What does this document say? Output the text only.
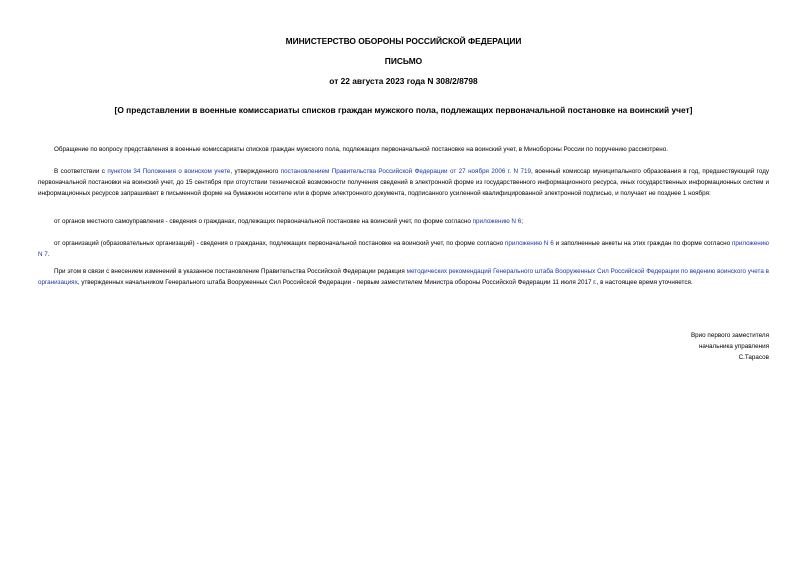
МИНИСТЕРСТВО ОБОРОНЫ РОССИЙСКОЙ ФЕДЕРАЦИИ
ПИСЬМО
от 22 августа 2023 года N 308/2/8798
[О представлении в военные комиссариаты списков граждан мужского пола, подлежащих первоначальной постановке на воинский учет]

Обращение по вопросу представления в военные комиссариаты списков граждан мужского пола, подлежащих первоначальной постановке на воинский учет, в Минобороны России по поручению рассмотрено.

В соответствии с пунктом 34 Положения о воинском учете, утвержденного постановлением Правительства Российской Федерации от 27 ноября 2006 г. N 719, военный комиссар муниципального образования в год, предшествующий году первоначальной постановки на воинский учет, до 15 сентября при отсутствии технической возможности получения сведений в электронной форме из государственного информационного ресурса, иных государственных информационных систем и информационных ресурсов запрашивает в письменной форме на бумажном носителе или в форме электронного документа, подписанного усиленной квалифицированной электронной подписью, и получает не позднее 1 ноября:

от органов местного самоуправления - сведения о гражданах, подлежащих первоначальной постановке на воинский учет, по форме согласно приложению N 6;

от организаций (образовательных организаций) - сведения о гражданах, подлежащих первоначальной постановке на воинский учет, по форме согласно приложению N 6 и заполненные анкеты на этих граждан по форме согласно приложению N 7.

При этом в связи с внесением изменений в указанное постановление Правительства Российской Федерации редакция методических рекомендаций Генерального штаба Вооруженных Сил Российской Федерации по ведению воинского учета в организациях, утвержденных начальником Генерального штаба Вооруженных Сил Российской Федерации - первым заместителем Министра обороны Российской Федерации 11 июля 2017 г., в настоящее время уточняется.

Врио первого заместителя
начальника управления
С.Тарасов
